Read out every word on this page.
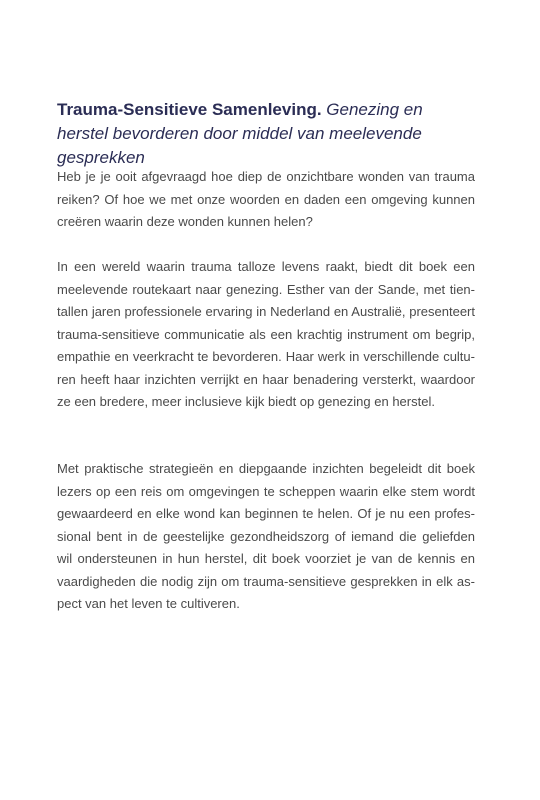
Trauma-Sensitieve Samenleving. Genezing en herstel bevorderen door middel van meelevende gesprekken

Heb je je ooit afgevraagd hoe diep de onzichtbare wonden van trauma reiken? Of hoe we met onze woorden en daden een omgeving kunnen creëren waarin deze wonden kunnen helen?

In een wereld waarin trauma talloze levens raakt, biedt dit boek een meelevende routekaart naar genezing. Esther van der Sande, met tientallen jaren professionele ervaring in Nederland en Australië, presenteert trauma-sensitieve communicatie als een krachtig instrument om begrip, empathie en veerkracht te bevorderen. Haar werk in verschillende culturen heeft haar inzichten verrijkt en haar benadering versterkt, waardoor ze een bredere, meer inclusieve kijk biedt op genezing en herstel.

Met praktische strategieën en diepgaande inzichten begeleidt dit boek lezers op een reis om omgevingen te scheppen waarin elke stem wordt gewaardeerd en elke wond kan beginnen te helen. Of je nu een professional bent in de geestelijke gezondheidszorg of iemand die geliefden wil ondersteunen in hun herstel, dit boek voorziet je van de kennis en vaardigheden die nodig zijn om trauma-sensitieve gesprekken in elk aspect van het leven te cultiveren.
